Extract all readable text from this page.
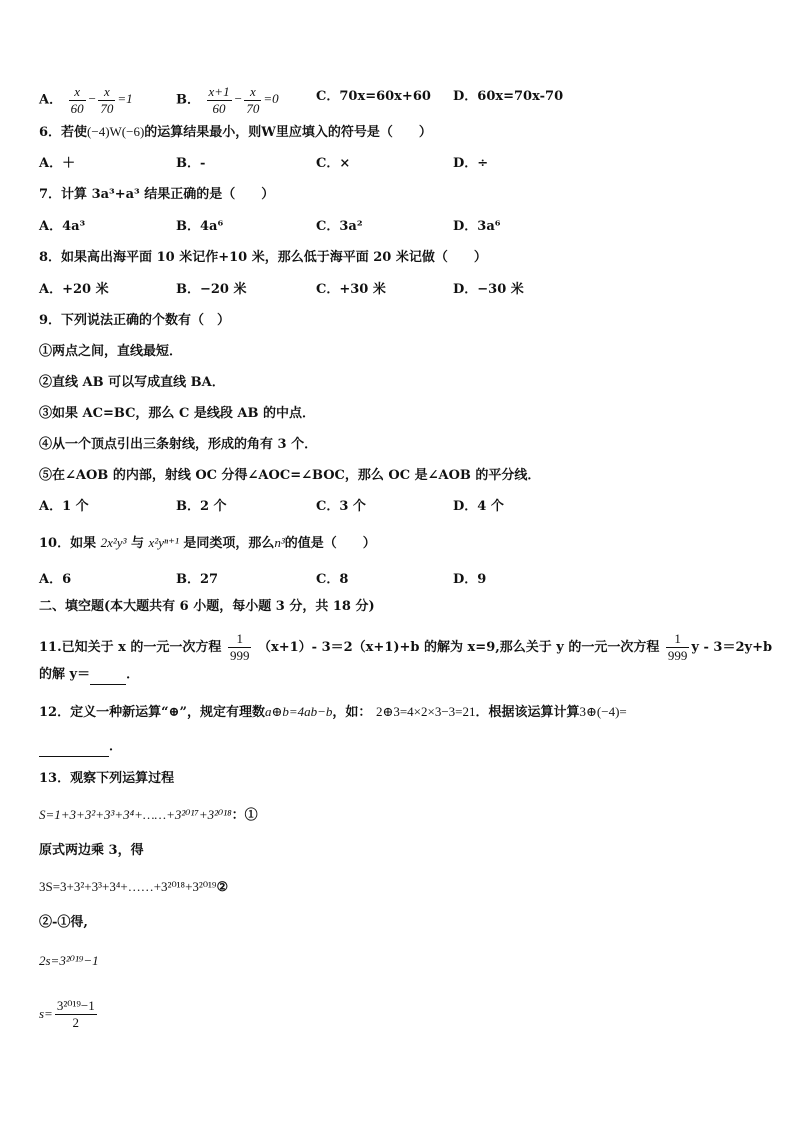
A． $\frac{x}{60} - \frac{x}{70} =1$	B． $\frac{x+1}{60} - \frac{x}{70} =0$	C．70x=60x+60 D．60x=70x-70
6．若使(−4)W(−6)的运算结果最小，则W里应填入的符号是（　　）
A．＋	B．-	C．×	D．÷
7．计算 3a³+a³ 结果正确的是（　　）
A．4a³	B．4a⁶	C．3a²	D．3a⁶
8．如果高出海平面 10 米记作+10 米，那么低于海平面 20 米记做（　　）
A．+20 米	B．−20 米	C．+30 米	D．−30 米
9．下列说法正确的个数有（　）
①两点之间，直线最短．
②直线 AB 可以写成直线 BA．
③如果 AC=BC，那么 C 是线段 AB 的中点．
④从一个顶点引出三条射线，形成的角有 3 个．
⑤在∠AOB 的内部，射线 OC 分得∠AOC=∠BOC，那么 OC 是∠AOB 的平分线．
A．1 个	B．2 个	C．3 个	D．4 个
10．如果 2x²y³ 与 x²yⁿ⁺¹ 是同类项，那么n³的值是（　　）
A．6	B．27	C．8	D．9
二、填空题(本大题共有 6 小题，每小题 3 分，共 18 分)
11.已知关于 x 的一元一次方程 $\frac{1}{999} (x+1)-$ 3＝2（x+1)+b 的解为 x=9,那么关于 y 的一元一次方程 $\frac{1}{999}$ y - 3＝2y+b
的解 y＝	．
12．定义一种新运算“⊕”，规定有理数a⊕b=4ab−b，如： 2⊕3=4×2×3−3=21．根据该运算计算3⊕(−4)=
．
13．观察下列运算过程
S=1+3+3²+3³+3⁴+……+3²⁰¹⁷+3²⁰¹⁸：①
原式两边乘 3，得
3S=3+3²+3³+3⁴+……+3²⁰¹⁸+3²⁰¹⁹②
②-①得,
2s=3²⁰¹⁹−1
$s= \frac{\text{3²⁰¹⁹−1}}{2}$
